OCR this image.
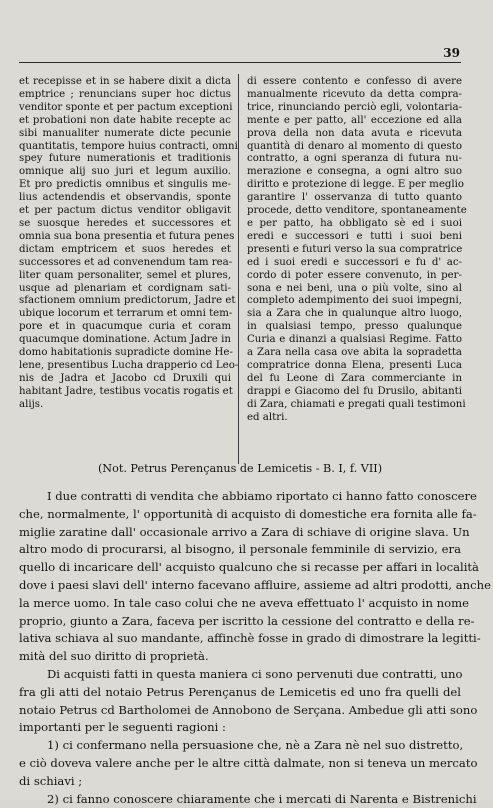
39
et recepisse et in se habere dixit a dicta
emptrice ; renuncians super hoc dictus
venditor sponte et per pactum exceptioni
et probationi non date habite recepte ac
sibi manualiter numerate dicte pecunie
quantitatis, tempore huius contracti, omni
spey future numerationis et traditionis
omnique alij suo juri et legum auxilio.
Et pro predictis omnibus et singulis me-
lius actendendis et observandis, sponte
et per pactum dictus venditor obligavit
se suosque heredes et successores et
omnia sua bona presentia et futura penes
dictam emptricem et suos heredes et
successores et ad convenendum tam rea-
liter quam personaliter, semel et plures,
usque ad plenariam et cordignam sati-
sfactionem omnium predictorum, Jadre et
ubique locorum et terrarum et omni tem-
pore et in quacumque curia et coram
quacumque dominatione. Actum Jadre in
domo habitationis supradicte domine He-
lene, presentibus Lucha drapperio cd Leo-
nis de Jadra et Jacobo cd Druxili qui
habitant Jadre, testibus vocatis rogatis et
alijs.
di essere contento e confesso di avere
manualmente ricevuto da detta compra-
trice, rinunciando perciò egli, volontaria-
mente e per patto, all' eccezione ed alla
prova della non data avuta e ricevuta
quantità di denaro al momento di questo
contratto, a ogni speranza di futura nu-
merazione e consegna, a ogni altro suo
diritto e protezione di legge. E per meglio
garantire l' osservanza di tutto quanto
procede, detto venditore, spontaneamente
e per patto, ha obbligato sè ed i suoi
eredi e successori e tutti i suoi beni
presenti e futuri verso la sua compratrice
ed i suoi eredi e successori e fu d' ac-
cordo di poter essere convenuto, in per-
sona e nei beni, una o più volte, sino al
completo adempimento dei suoi impegni,
sia a Zara che in qualunque altro luogo,
in qualsiasi tempo, presso qualunque
Curia e dinanzi a qualsiasi Regime. Fatto
a Zara nella casa ove abita la sopradetta
compratrice donna Elena, presenti Luca
del fu Leone di Zara commerciante in
drappi e Giacomo del fu Drusilo, abitanti
di Zara, chiamati e pregati quali testimoni
ed altri.
(Not. Petrus Perençanus de Lemicetis - B. I, f. VII)
I due contratti di vendita che abbiamo riportato ci hanno fatto conoscere
che, normalmente, l' opportunità di acquisto di domestiche era fornita alle fa-
miglie zaratine dall' occasionale arrivo a Zara di schiave di origine slava. Un
altro modo di procurarsi, al bisogno, il personale femminile di servizio, era
quello di incaricare dell' acquisto qualcuno che si recasse per affari in località
dove i paesi slavi dell' interno facevano affluire, assieme ad altri prodotti, anche
la merce uomo. In tale caso colui che ne aveva effettuato l' acquisto in nome
proprio, giunto a Zara, faceva per iscritto la cessione del contratto e della re-
lativa schiava al suo mandante, affinchè fosse in grado di dimostrare la legitti-
mità del suo diritto di proprietà.
Di acquisti fatti in questa maniera ci sono pervenuti due contratti, uno
fra gli atti del notaio Petrus Perençanus de Lemicetis ed uno fra quelli del
notaio Petrus cd Bartholomei de Annobono de Serçana. Ambedue gli atti sono
importanti per le seguenti ragioni :
1) ci confermano nella persuasione che, nè a Zara nè nel suo distretto,
e ciò doveva valere anche per le altre città dalmate, non si teneva un mercato
di schiavi ;
2) ci fanno conoscere chiaramente che i mercati di Narenta e Bistrenichi
